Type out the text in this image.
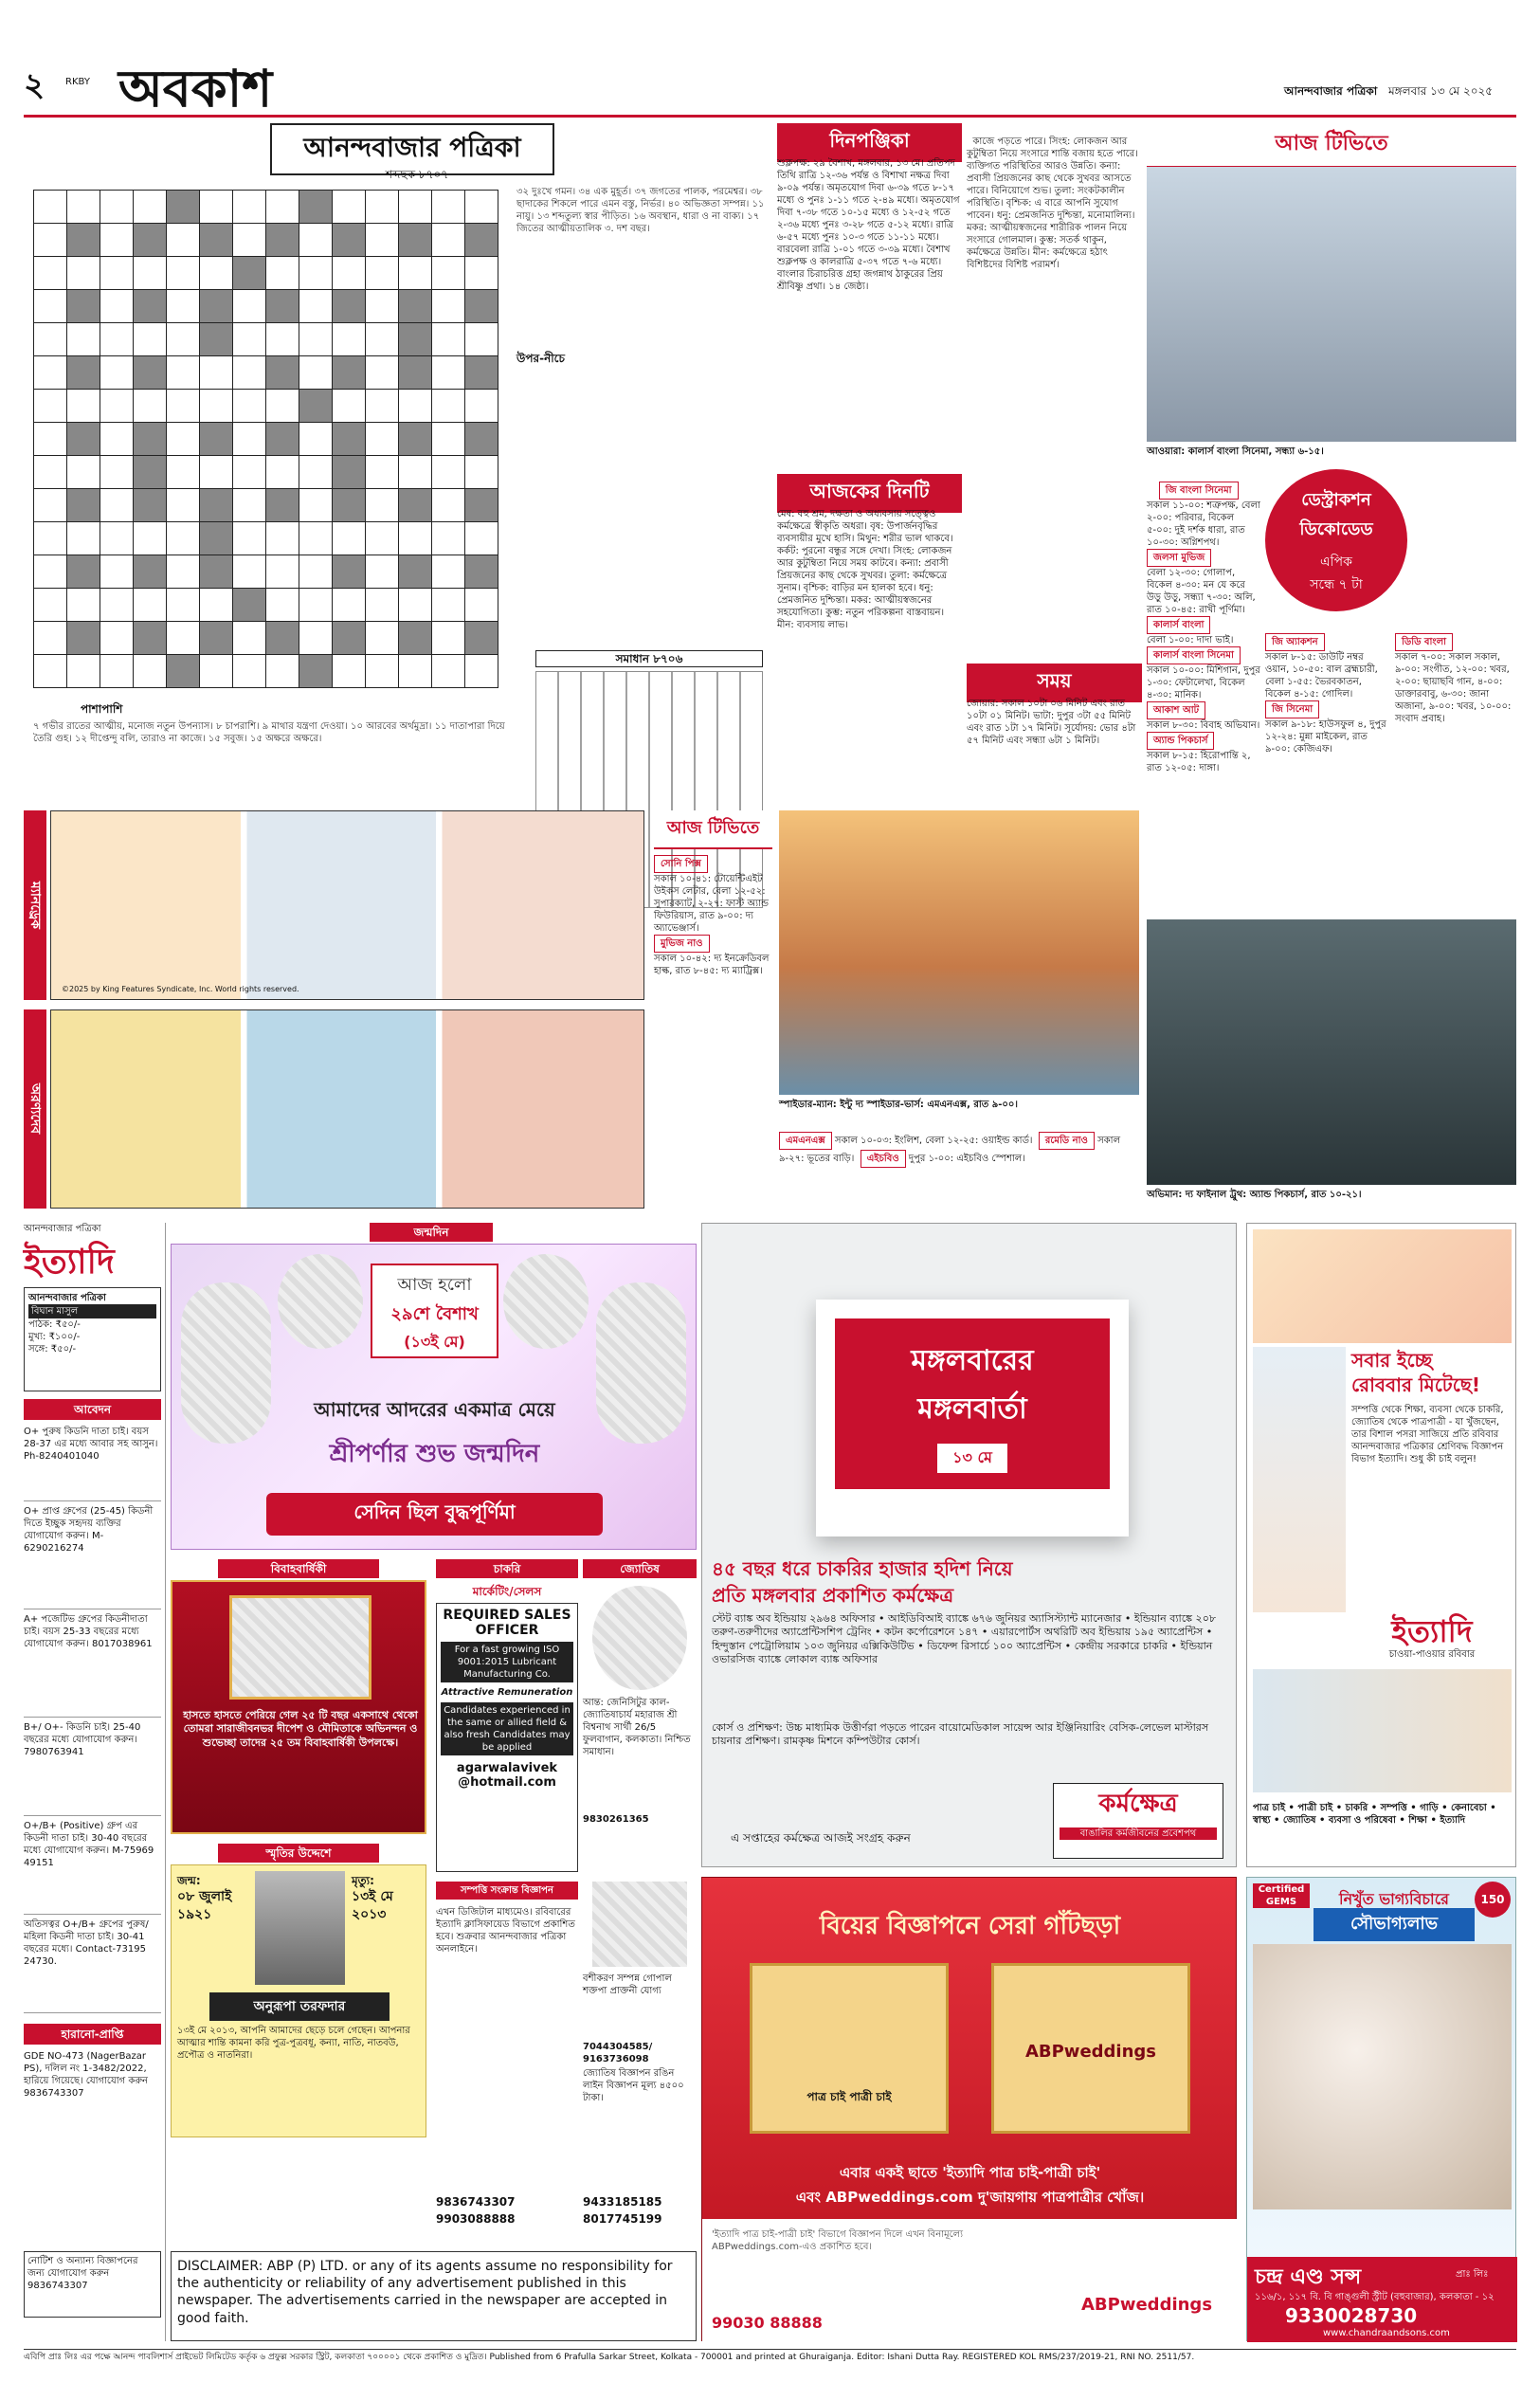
২ RKBY অবকাশ	আনন্দবাজার পত্রিকা মঙ্গলবার ১৩ মে ২০২৫
আনন্দবাজার পত্রিকা
শব্দছক ৮৭০৭

উপর-নীচে
৩২ দুঃখে গমন। ৩৪ এক মুহূর্ত। ৩৭ জগতের পালক, পরমেশ্বর। ৩৮ ছাদাকের শিকলে পারে এমন বস্তু, নির্ভর। ৪০ অভিজ্ঞতা সম্পন্ন। ১১ নায়ু। ১৩ শব্দতুল্য স্বার পীড়িত। ১৬ অবস্থান, ধারা ও না বাক্য। ১৭ জিতের আত্মীয়তালিক ৩. দশ বছর।
পাশাপাশি
৭ গভীর রাতের আত্মীয়, মনোজ নতুন উপন্যাস। ৮ চাপরাশি। ৯ মাথার যন্ত্রণা দেওয়া। ১০ আরবের অর্থমুদ্রা। ১১ দাতাপারা দিয়ে তৈরি গুহ। ১২ দীপ্তেন্দু বলি, তারাও না কাজে। ১৫ সবুজ। ১৫ অক্ষরে অক্ষরে।
সমাধান ৮৭০৬
দিনপঞ্জিকা
শুক্লপক্ষ: ২৯ বৈশাখ, মঙ্গলবার, ১৩ মে। প্রতিপদ তিথি রাত্রি ১২-৩৬ পর্যন্ত ও বিশাখা নক্ষত্র দিবা ৯-০৯ পর্যন্ত। অমৃতযোগ দিবা ৬-৩৯ গতে ৮-১৭ মধ্যে ও পুনঃ ১-১১ গতে ২-৪৯ মধ্যে। অমৃতযোগ দিবা ৭-৩৮ গতে ১০-১৫ মধ্যে ও ১২-৫২ গতে ২-৩৬ মধ্যে পুনঃ ৩-২৮ গতে ৫-১২ মধ্যে। রাত্রি ৬-৫৭ মধ্যে পুনঃ ১০-৩ গতে ১১-১১ মধ্যে। বারবেলা রাত্রি ১-০১ গতে ৩-৩৯ মধ্যে। বৈশাখ শুক্লপক্ষ ও কালরাত্রি ৫-৩৭ গতে ৭-৬ মধ্যে। বাংলার চিরাচরিত্ত গ্রহা জগন্নাথ ঠাকুরের প্রিয় শ্রীবিষ্ণু প্রথা। ১৪ জেষ্ঠ্য।
আজকের দিনটি
মেষ: বহু শ্রম, দক্ষতা ও অধ্যবসায় সত্ত্বেও কর্মক্ষেত্রে স্বীকৃতি অধরা। বৃষ: উপার্জনবৃদ্ধির ব্যবসায়ীর মুখে হাসি। মিথুন: শরীর ভাল থাকবে। কর্কট: পুরনো বন্ধুর সঙ্গে দেখা। সিংহ: লোকজন আর কুটুম্বিতা নিয়ে সময় কাটবে। কন্যা: প্রবাসী প্রিয়জনের কাছ থেকে সুখবর। তুলা: কর্মক্ষেত্রে সুনাম। বৃশ্চিক: বাড়ির মন হালকা হবে। ধনু: প্রেমজনিত দুশ্চিন্তা। মকর: আত্মীয়স্বজনের সহযোগিতা। কুম্ভ: নতুন পরিকল্পনা বাস্তবায়ন। মীন: ব্যবসায় লাভ।

কাজে পড়তে পারে। সিংহ: লোকজন আর কুটুম্বিতা নিয়ে সংসারে শান্তি বজায় হতে পারে। ব্যক্তিগত পরিস্থিতির আরও উন্নতি। কন্যা: প্রবাসী প্রিয়জনের কাছ থেকে সুখবর আসতে পারে। বিনিয়োগে শুভ। তুলা: সংকটকালীন পরিস্থিতি। বৃশ্চিক: এ বারে আপনি সুযোগ পাবেন। ধনু: প্রেমজনিত দুশ্চিন্তা, মনোমালিন্য। মকর: আত্মীয়স্বজনের শারীরিক পালন নিয়ে সংসারে গোলমাল। কুম্ভ: সতর্ক থাকুন, কর্মক্ষেত্রে উন্নতি। মীন: কর্মক্ষেত্রে হঠাৎ বিশিষ্টদের বিশিষ্ট পরামর্শ।

সময়
জোয়ার: সকাল ১০টা ০৬ মিনিট এবং রাত ১০টা ০১ মিনিট। ভাটা: দুপুর ৩টা ৫৫ মিনিট এবং রাত ১টা ১৭ মিনিট। সূর্যোদয়: ভোর ৪টা ৫৭ মিনিট এবং সন্ধ্যা ৬টা ১ মিনিট।
আজ টিভিতে
আওয়ারা: কালার্স বাংলা সিনেমা, সন্ধ্যা ৬-১৫।
ডেস্ট্রাকশন
ডিকোডেড
এপিক
সন্ধে ৭ টা

জি বাংলা সিনেমা
সকাল ১১-০০: শত্রুপক্ষ, বেলা ২-০০: পরিবার, বিকেল ৫-০০: দুই দর্শক ধারা, রাত ১০-৩০: অগ্নিশপথ।
জলসা মুভিজ
বেলা ১২-৩০: গোলাপ, বিকেল ৪-৩০: মন যে করে উড়ু উড়ু, সন্ধ্যা ৭-৩০: অলি, রাত ১০-৪৫: রাখী পূর্ণিমা।
কালার্স বাংলা
বেলা ১-০০: দাদা ভাই।
কালার্স বাংলা সিনেমা
সকাল ১০-০০: মিশিগান, দুপুর ১-৩০: ফেটালেখা, বিকেল ৪-৩০: মানিক।
আকাশ আট
সকাল ৮-৩০: বিবাহ অভিযান।
অ্যান্ড পিকচার্স
সকাল ৮-১৫: হিরোপান্তি ২, রাত ১২-০৫: দাঙ্গা।

জি অ্যাকশন
সকাল ৮-১৫: ডাউটি নম্বর ওয়ান, ১০-৫০: বাল ব্রহ্মচারী, বেলা ১-৫৫: ভৈরবকাতন, বিকেল ৪-১৫: গোদিল।
জি সিনেমা
সকাল ৯-১৮: হাউসফুল ৪, দুপুর ১২-২৪: মুন্না মাইকেল, রাত ৯-০০: কেজিএফ।

ডিডি বাংলা
সকাল ৭-০০: সকাল সকাল, ৯-০০: সংগীত, ১২-০০: খবর, ২-০০: ছায়াছবি গান, ৪-০০: ডাক্তারবাবু, ৬-৩০: জানা অজানা, ৯-০০: খবর, ১০-০০: সংবাদ প্রবাহ।

অভিমান: দ্য ফাইনাল ট্রুথ: অ্যান্ড পিকচার্স, রাত ১০-২১।
ম্যানড্রেক
©2025 by King Features Syndicate, Inc. World rights reserved.
অরণ্যদেব
আজ টিভিতে

সোনি পিক্স
সকাল ১০-৪১: টোয়েন্টিএইট উইকস লেটার, বেলা ১২-৫২: সুপারক্যাট, ২-২৭: ফাস্ট অ্যান্ড ফিউরিয়াস, রাত ৯-০০: দ্য অ্যাভেঞ্জার্স।
মুভিজ নাও
সকাল ১০-৪২: দ্য ইনক্রেডিবল হাল্ক, রাত ৮-৪৫: দ্য ম্যাট্রিক্স।

স্পাইডার-ম্যান: ইন্টু দ্য স্পাইডার-ভার্স: এমএনএক্স, রাত ৯-০০।

এমএনএক্স সকাল ১০-০৩: ইংলিশ, বেলা ১২-২৫: ওয়াইল্ড কার্ড।  রমেডি নাও সকাল ৯-২৭: ভূতের বাড়ি।  এইচবিও দুপুর ১-০০: এইচবিও স্পেশাল।

আনন্দবাজার পত্রিকা
ইত্যাদি
আনন্দবাজার পত্রিকা
বিঘান মাসুল
পাঠক: ₹৫০/-
মুখ্য: ₹১০০/-
সঙ্গে: ₹৫০/-
আবেদন
O+ পুরুষ কিডনি দাতা চাই। বয়স 28-37 এর মধ্যে আবার সহ আসুন। Ph-8240401040
O+ প্রাপ্ত গ্রুপের (25-45) কিডনী দিতে ইচ্ছুক সহৃদয় ব্যক্তির যোগাযোগ করুন। M-6290216274
A+ পজেটিভ গ্রুপের কিডনীদাতা চাই। বয়স 25-33 বছরের মধ্যে যোগাযোগ করুন। 8017038961
B+/ O+- কিডনি চাই। 25-40 বছরের মধ্যে যোগাযোগ করুন। 7980763941
O+/B+ (Positive) গ্রুপ এর কিডনী দাতা চাই। 30-40 বছরের মধ্যে যোগাযোগ করুন। M-75969 49151
অতিসত্বর O+/B+ গ্রুপের পুরুষ/মহিলা কিডনী দাতা চাই। 30-41 বছরের মধ্যে। Contact-73195 24730.
হারানো-প্রাপ্তি
GDE NO-473 (NagerBazar PS), দলিল নং 1-3482/2022, হারিয়ে গিয়েছে। যোগাযোগ করুন 9836743307
নোটিশ ও অন্যান্য বিজ্ঞাপনের জন্য যোগাযোগ করুন 9836743307
জন্মদিন
আজ হলো
২৯শে বৈশাখ
(১৩ই মে)
আমাদের আদরের একমাত্র মেয়ে
শ্রীপর্ণার শুভ জন্মদিন
সেদিন ছিল বুদ্ধপূর্ণিমা
বিবাহবার্ষিকী
হাসতে হাসতে পেরিয়ে গেল ২৫ টি বছর একসাথে থেকো তোমরা সারাজীবনভর দীপেশ ও মৌমিতাকে অভিনন্দন ও শুভেচ্ছা তাদের ২৫ তম বিবাহবার্ষিকী উপলক্ষে।
স্মৃতির উদ্দেশে
জন্ম:
০৮ জুলাই ১৯২১
মৃত্যু:
১৩ই মে ২০১৩
অনুরূপা তরফদার
১৩ই মে ২০১৩, আপনি আমাদের ছেড়ে চলে গেছেন। আপনার আত্মার শান্তি কামনা করি পুত্র-পুত্রবধূ, কন্যা, নাতি, নাতবউ, প্রপৌত্র ও নাতনিরা।
চাকরি
মার্কেটিং/সেলস
REQUIRED SALES OFFICER
For a fast growing ISO 9001:2015 Lubricant Manufacturing Co.
Attractive Remuneration
Candidates experienced in the same or allied field & also fresh Candidates may be applied
agarwalavivek @hotmail.com
জ্যোতিষ
আন্ত: জেনিসিটুর কাল-জ্যোতিষাচার্য মহারাজ শ্রী বিশ্বনাথ সার্থী 26/5 ফুলবাগান, কলকাতা। নিশ্চিত সমাধান।
9830261365
সম্পত্তি সংক্রান্ত বিজ্ঞাপন
এখন ডিজিটাল মাধ্যমেও। রবিবারের ইত্যাদি ক্লাসিফায়েড বিভাগে প্রকাশিত হবে। শুক্রবার আনন্দবাজার পত্রিকা অনলাইনে।
9836743307
9903088888
বশীকরণ সম্পন্ন গোপাল শক্তপা প্রাক্তনী যোগ্য
7044304585/ 9163736098
জ্যোতিষ বিজ্ঞাপন রঙিন লাইন বিজ্ঞাপন মূল্য ৪৫০০ টাকা।
9433185185
8017745199
DISCLAIMER: ABP (P) LTD. or any of its agents assume no responsibility for the authenticity or reliability of any advertisement published in this newspaper. The advertisements carried in the newspaper are accepted in good faith.
মঙ্গলবারের
মঙ্গলবার্তা
১৩ মে
৪৫ বছর ধরে চাকরির হাজার হদিশ নিয়ে
প্রতি মঙ্গলবার প্রকাশিত কর্মক্ষেত্র
স্টেট ব্যাঙ্ক অব ইন্ডিয়ায় ২৯৬৪ অফিসার • আইডিবিআই ব্যাঙ্কে ৬৭৬ জুনিয়র অ্যাসিস্ট্যান্ট ম্যানেজার • ইন্ডিয়ান ব্যাঙ্কে ২০৮ তরুণ-তরুণীদের অ্যাপ্রেন্টিসশিপ ট্রেনিং • কটন কর্পোরেশনে ১৪৭ • এয়ারপোর্টস অথরিটি অব ইন্ডিয়ায় ১৯৫ অ্যাপ্রেন্টিস • হিন্দুস্তান পেট্রোলিয়াম ১০৩ জুনিয়র এক্সিকিউটিভ • ডিফেন্স রিসার্চে ১০০ অ্যাপ্রেন্টিস • কেন্দ্রীয় সরকারে চাকরি • ইন্ডিয়ান ওভারসিজ ব্যাঙ্কে লোকাল ব্যাঙ্ক অফিসার
কোর্স ও প্রশিক্ষণ: উচ্চ মাধ্যমিক উত্তীর্ণরা পড়তে পারেন বায়োমেডিকাল সায়েন্স আর ইঞ্জিনিয়ারিং বেসিক-লেভেল মাস্টারস চায়নার প্রশিক্ষণ। রামকৃষ্ণ মিশনে কম্পিউটার কোর্স।
এ সপ্তাহের কর্মক্ষেত্র আজই সংগ্রহ করুন
কর্মক্ষেত্র
বাঙালির কর্মজীবনের প্রবেশপথ
বিয়ের বিজ্ঞাপনে সেরা গাঁটছড়া
পাত্র চাই পাত্রী চাই
ABPweddings
এবার একই ছাতে 'ইত্যাদি পাত্র চাই-পাত্রী চাই'
এবং ABPweddings.com দু'জায়গায় পাত্রপাত্রীর খোঁজ।
'ইত্যাদি পাত্র চাই-পাত্রী চাই' বিভাগে বিজ্ঞাপন দিলে এখন বিনামূল্যে ABPweddings.com-এও প্রকাশিত হবে।
99030 88888
ABPweddings
সবার ইচ্ছে
রোববার মিটেছে!
সম্পত্তি থেকে শিক্ষা, ব্যবসা থেকে চাকরি, জ্যোতিষ থেকে পাত্রপাত্রী - যা খুঁজছেন, তার বিশাল পসরা সাজিয়ে প্রতি রবিবার আনন্দবাজার পত্রিকার শ্রেণিবদ্ধ বিজ্ঞাপন বিভাগ ইত্যাদি। শুধু কী চাই বলুন!
ইত্যাদি
চাওয়া-পাওয়ার রবিবার
পাত্র চাই • পাত্রী চাই • চাকরি • সম্পত্তি • গাড়ি • কেনাবেচা • স্বাস্থ্য • জ্যোতিষ • ব্যবসা ও পরিষেবা • শিক্ষা • ইত্যাদি
Certified GEMS	150
নিখুঁত ভাগ্যবিচারে
সৌভাগ্যলাভ
চন্দ্র এণ্ড সন্স	প্রাঃ লিঃ
১১৬/১, ১১৭ বি. বি গাঙ্গুলী স্ট্রীট (বহুবাজার), কলকাতা - ১২
9330028730
www.chandraandsons.com
এবিপি প্রাঃ লিঃ এর পক্ষে আনন্দ পাবলিশার্স প্রাইভেট লিমিটেড কর্তৃক ৬ প্রফুল্ল সরকার স্ট্রিট, কলকাতা ৭০০০০১ থেকে প্রকাশিত ও মুদ্রিত। Published from 6 Prafulla Sarkar Street, Kolkata - 700001 and printed at Ghuraiganja. Editor: Ishani Dutta Ray. REGISTERED KOL RMS/237/2019-21, RNI NO. 2511/57.
